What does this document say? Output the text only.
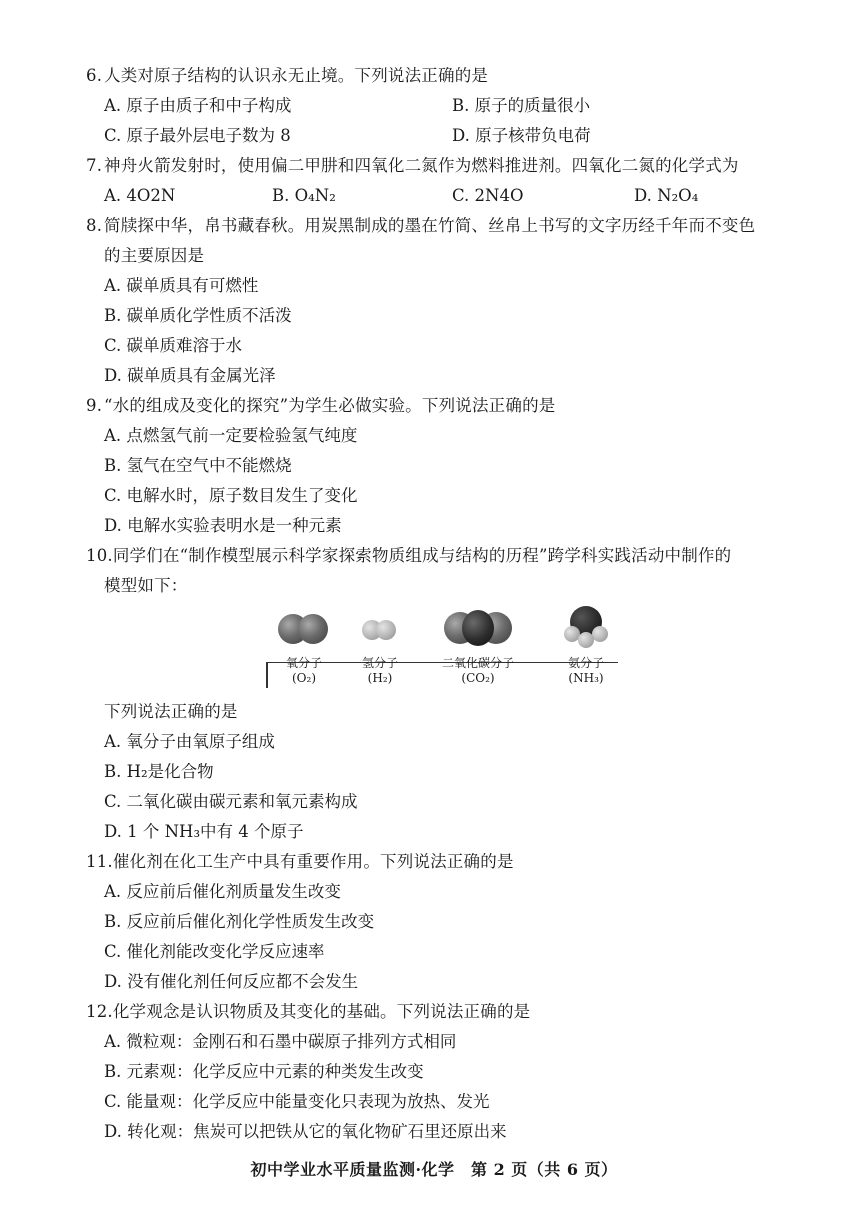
6. 人类对原子结构的认识永无止境。下列说法正确的是
A. 原子由质子和中子构成	B. 原子的质量很小
C. 原子最外层电子数为 8	D. 原子核带负电荷
7. 神舟火箭发射时，使用偏二甲肼和四氧化二氮作为燃料推进剂。四氧化二氮的化学式为
A. 4O2N	B. O₄N₂	C. 2N4O	D. N₂O₄
8. 简牍探中华，帛书藏春秋。用炭黑制成的墨在竹简、丝帛上书写的文字历经千年而不变色
的主要原因是
A. 碳单质具有可燃性
B. 碳单质化学性质不活泼
C. 碳单质难溶于水
D. 碳单质具有金属光泽
9. “水的组成及变化的探究”为学生必做实验。下列说法正确的是
A. 点燃氢气前一定要检验氢气纯度
B. 氢气在空气中不能燃烧
C. 电解水时，原子数目发生了变化
D. 电解水实验表明水是一种元素
10.同学们在“制作模型展示科学家探索物质组成与结构的历程”跨学科实践活动中制作的
模型如下：
氧分子
(O₂)
氢分子
(H₂)
二氧化碳分子
(CO₂)
氨分子
(NH₃)
下列说法正确的是
A. 氧分子由氧原子组成
B. H₂是化合物
C. 二氧化碳由碳元素和氧元素构成
D. 1 个 NH₃中有 4 个原子
11.催化剂在化工生产中具有重要作用。下列说法正确的是
A. 反应前后催化剂质量发生改变
B. 反应前后催化剂化学性质发生改变
C. 催化剂能改变化学反应速率
D. 没有催化剂任何反应都不会发生
12.化学观念是认识物质及其变化的基础。下列说法正确的是
A. 微粒观：金刚石和石墨中碳原子排列方式相同
B. 元素观：化学反应中元素的种类发生改变
C. 能量观：化学反应中能量变化只表现为放热、发光
D. 转化观：焦炭可以把铁从它的氧化物矿石里还原出来
初中学业水平质量监测·化学　第 2 页（共 6 页）
